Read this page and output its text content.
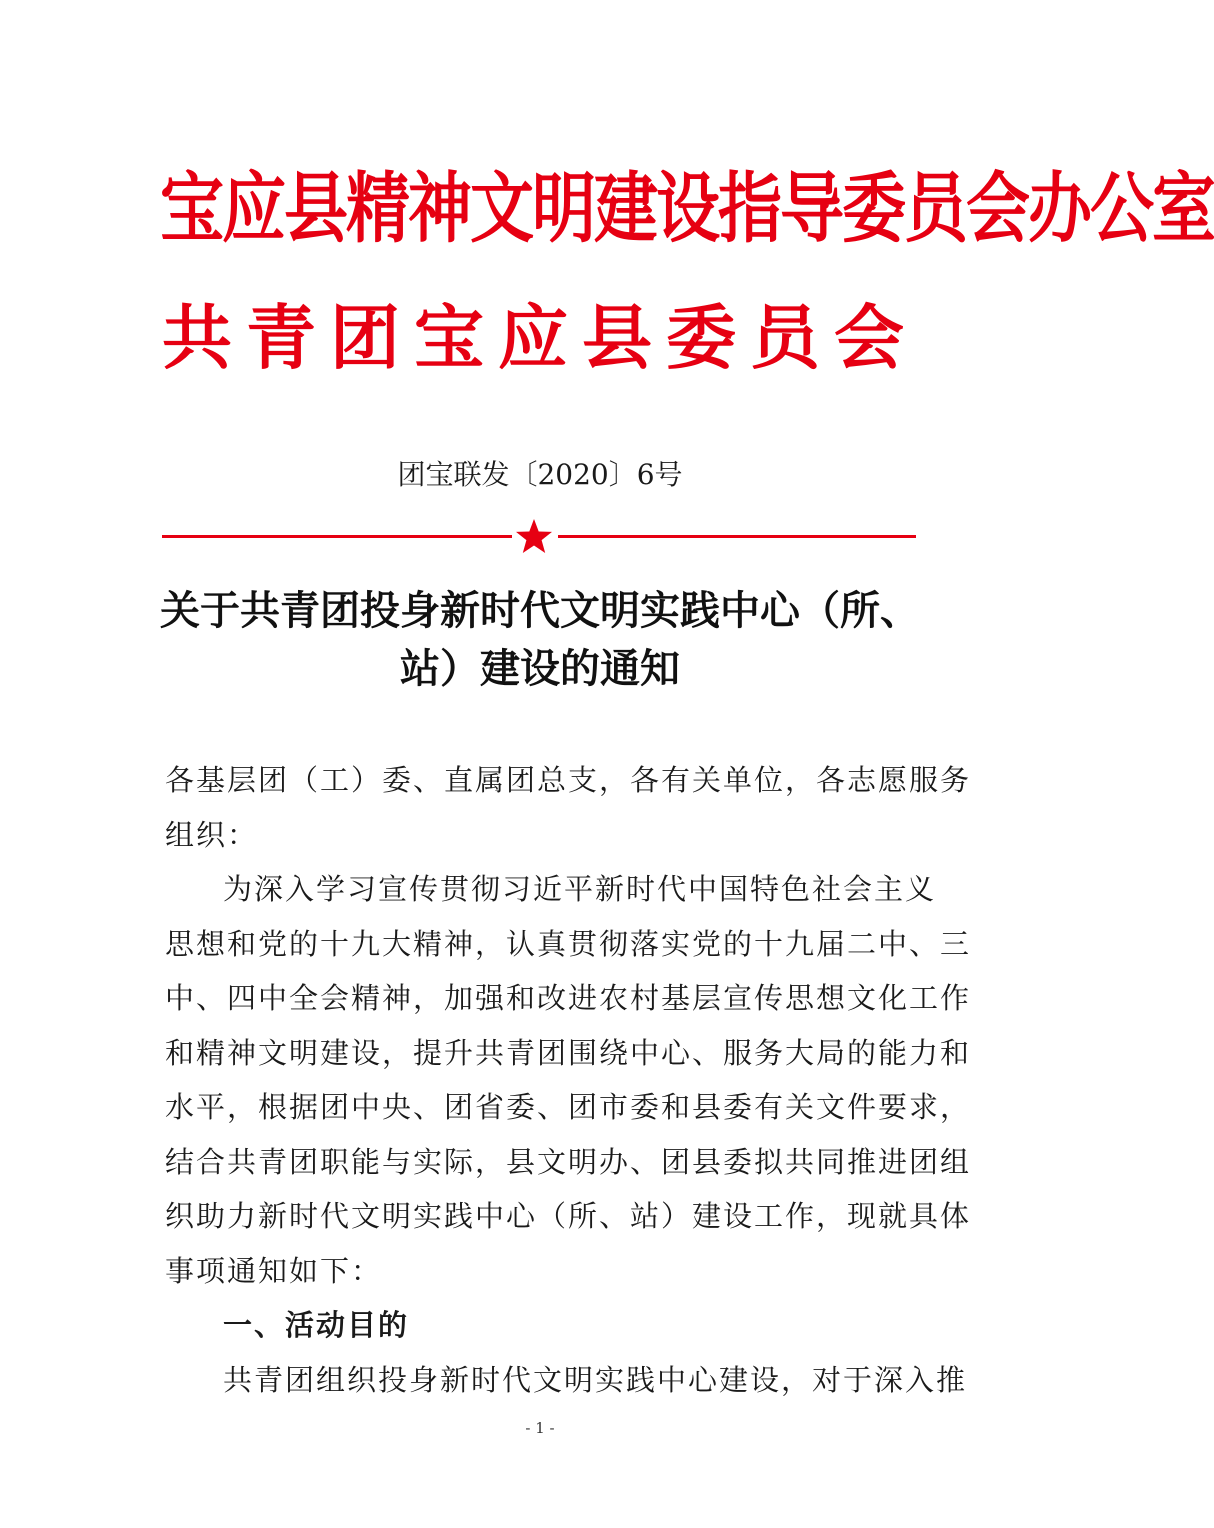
宝应县精神文明建设指导委员会办公室
共青团宝应县委员会
团宝联发〔2020〕6号
关于共青团投身新时代文明实践中心（所、
站）建设的通知
各基层团（工）委、直属团总支，各有关单位，各志愿服务
组织：
为深入学习宣传贯彻习近平新时代中国特色社会主义
思想和党的十九大精神，认真贯彻落实党的十九届二中、三
中、四中全会精神，加强和改进农村基层宣传思想文化工作
和精神文明建设，提升共青团围绕中心、服务大局的能力和
水平，根据团中央、团省委、团市委和县委有关文件要求，
结合共青团职能与实际，县文明办、团县委拟共同推进团组
织助力新时代文明实践中心（所、站）建设工作，现就具体
事项通知如下：
一、活动目的
共青团组织投身新时代文明实践中心建设，对于深入推
- 1 -
